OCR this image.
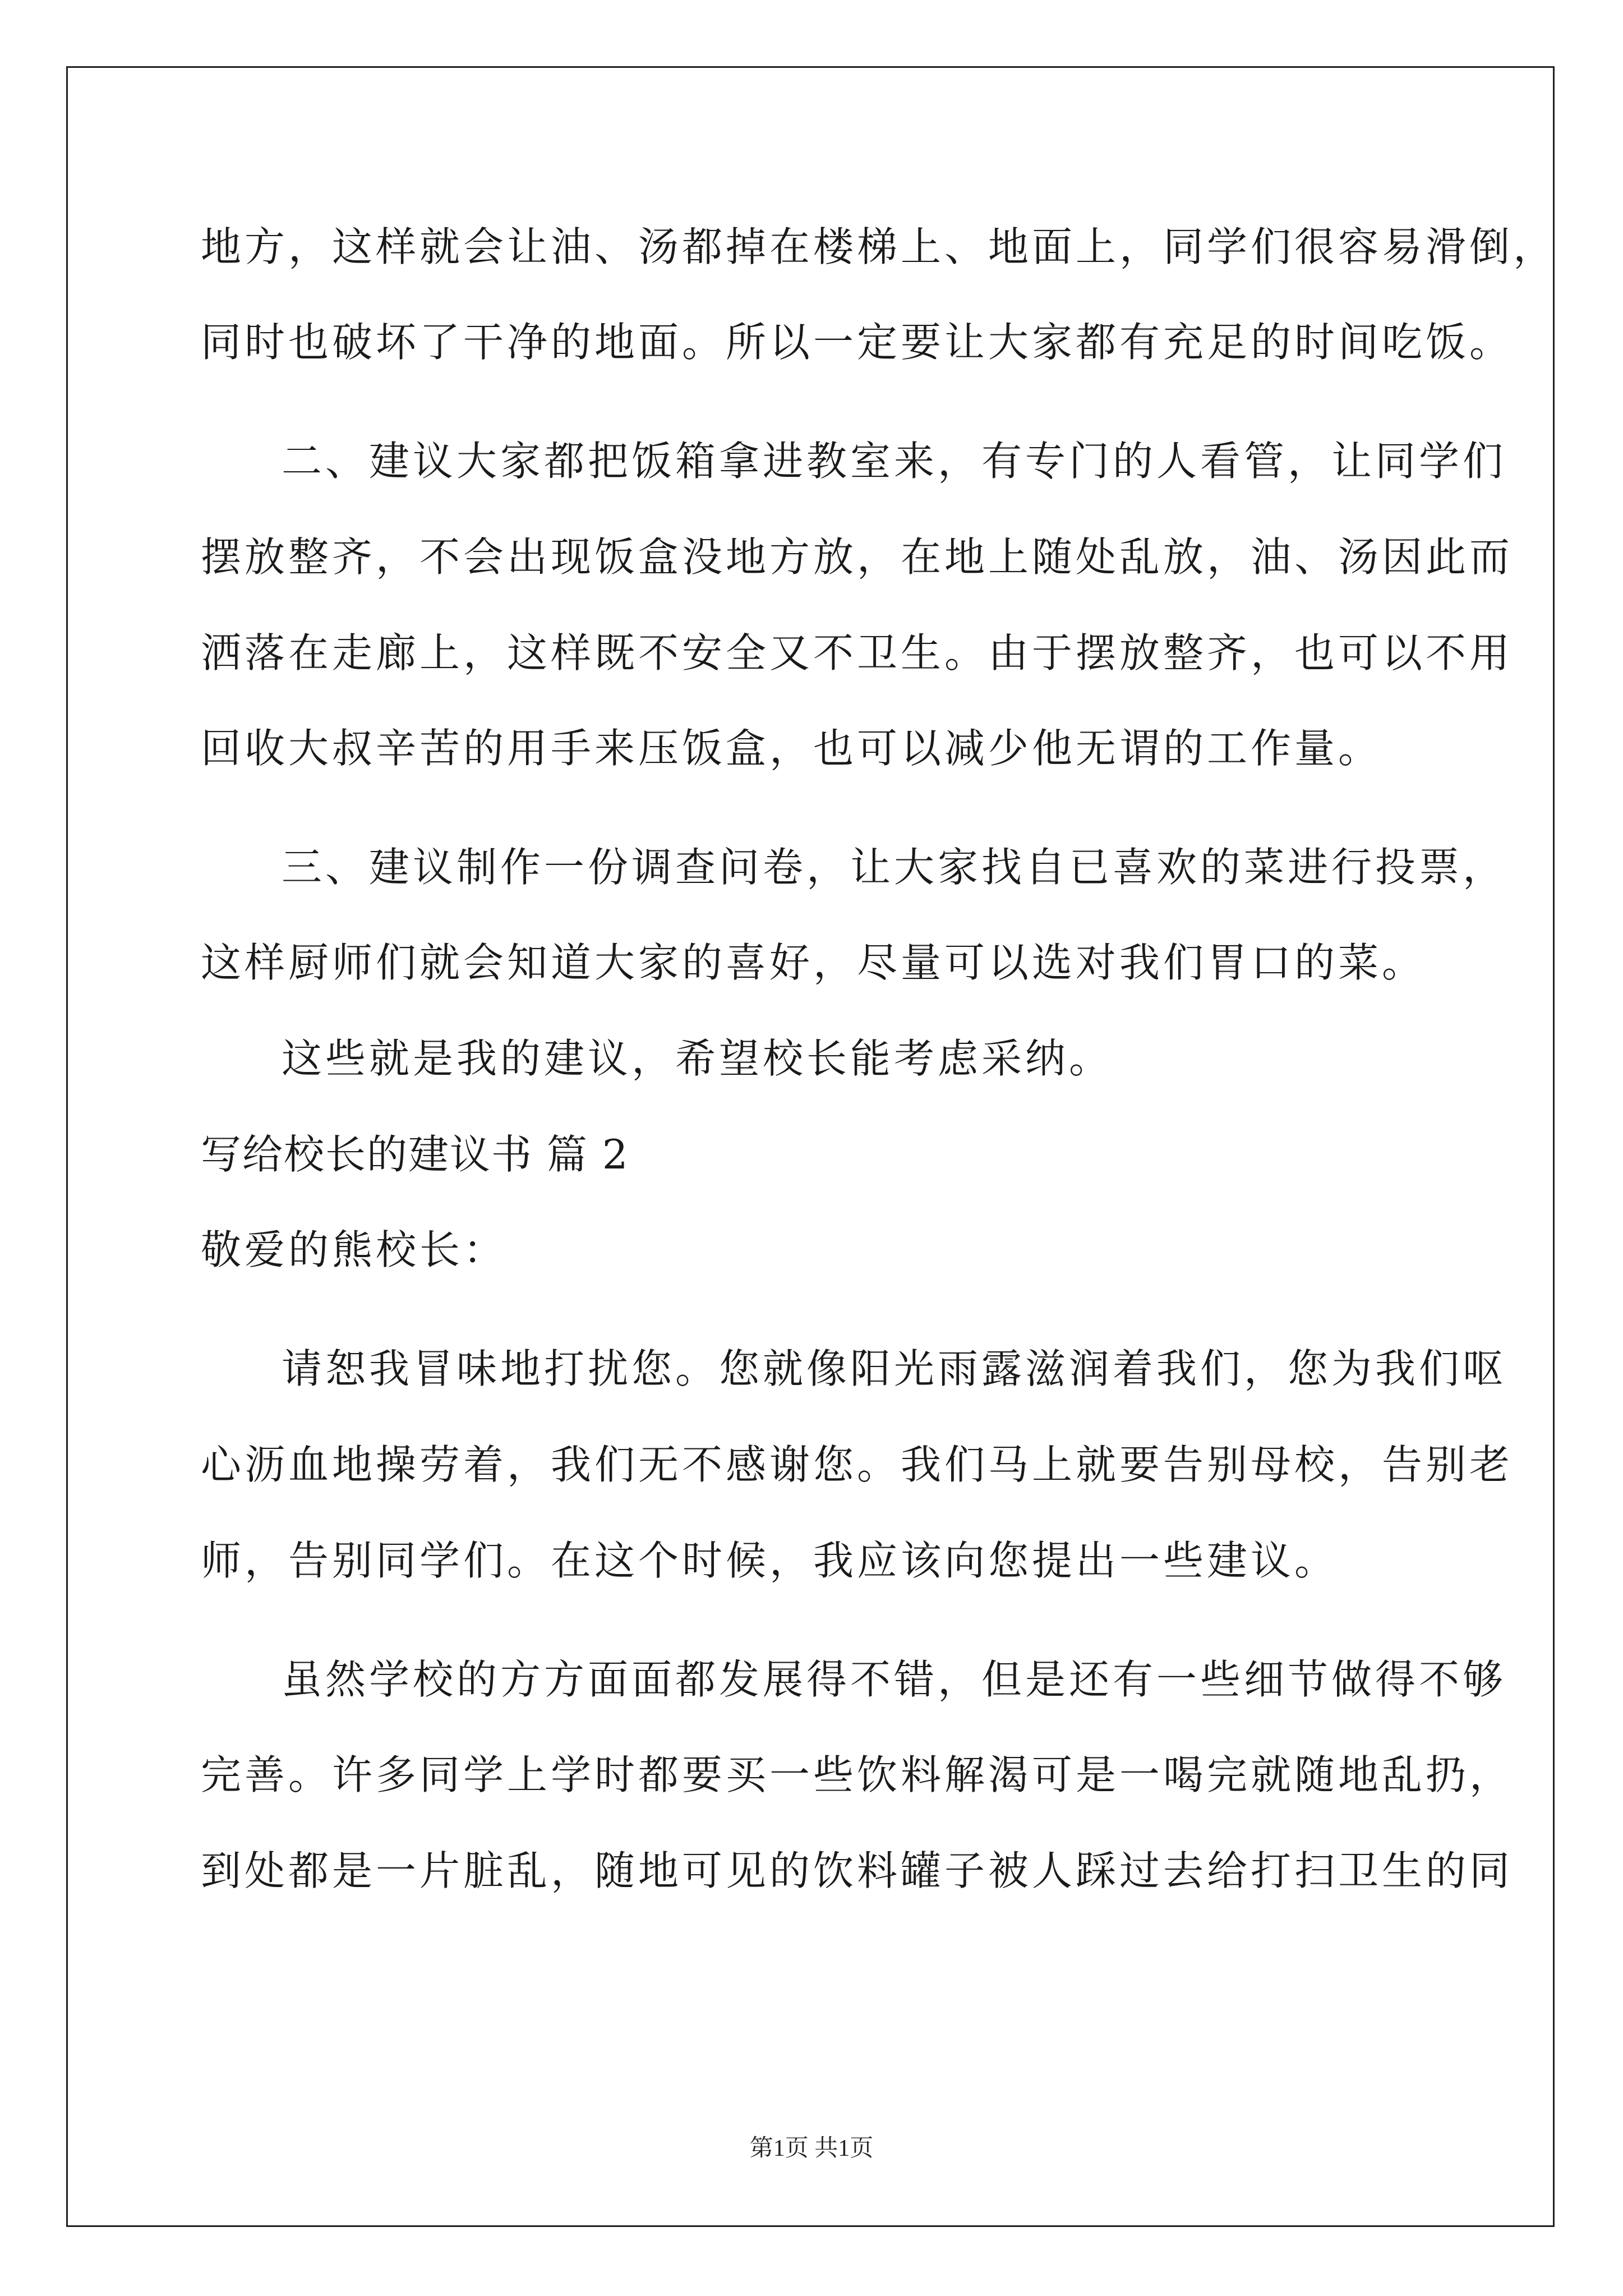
地方，这样就会让油、汤都掉在楼梯上、地面上，同学们很容易滑倒，
同时也破坏了干净的地面。所以一定要让大家都有充足的时间吃饭。
二、建议大家都把饭箱拿进教室来，有专门的人看管，让同学们
摆放整齐，不会出现饭盒没地方放，在地上随处乱放，油、汤因此而
洒落在走廊上，这样既不安全又不卫生。由于摆放整齐，也可以不用
回收大叔辛苦的用手来压饭盒，也可以减少他无谓的工作量。
三、建议制作一份调查问卷，让大家找自已喜欢的菜进行投票，
这样厨师们就会知道大家的喜好，尽量可以选对我们胃口的菜。
这些就是我的建议，希望校长能考虑采纳。
写给校长的建议书 篇 2
敬爱的熊校长：
请恕我冒味地打扰您。您就像阳光雨露滋润着我们，您为我们呕
心沥血地操劳着，我们无不感谢您。我们马上就要告别母校，告别老
师，告别同学们。在这个时候，我应该向您提出一些建议。
虽然学校的方方面面都发展得不错，但是还有一些细节做得不够
完善。许多同学上学时都要买一些饮料解渴可是一喝完就随地乱扔，
到处都是一片脏乱，随地可见的饮料罐子被人踩过去给打扫卫生的同
第1页 共1页
